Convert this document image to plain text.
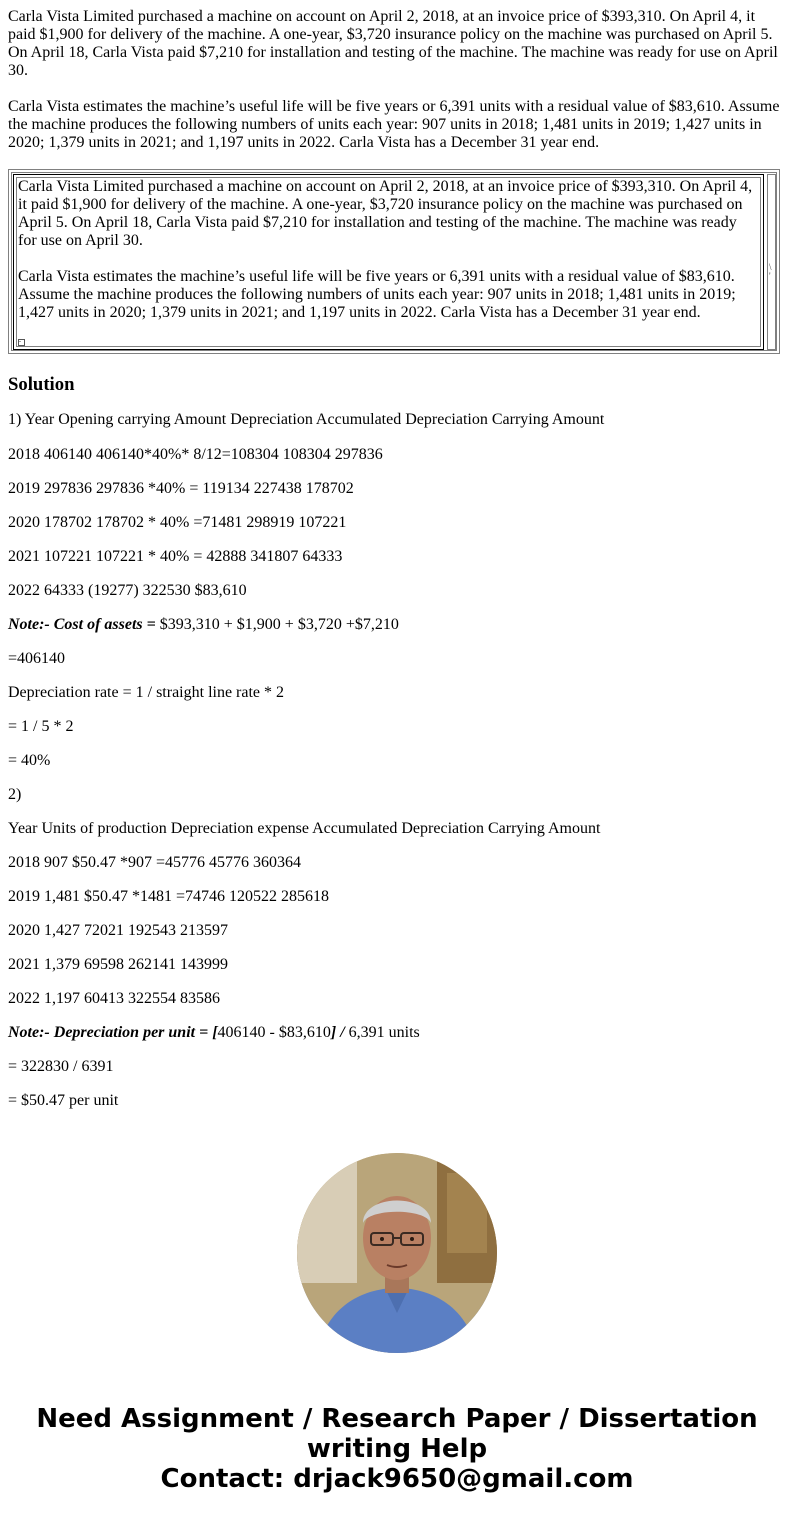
Carla Vista Limited purchased a machine on account on April 2, 2018, at an invoice price of $393,310. On April 4, it paid $1,900 for delivery of the machine. A one-year, $3,720 insurance policy on the machine was purchased on April 5. On April 18, Carla Vista paid $7,210 for installation and testing of the machine. The machine was ready for use on April 30.

Carla Vista estimates the machine’s useful life will be five years or 6,391 units with a residual value of $83,610. Assume the machine produces the following numbers of units each year: 907 units in 2018; 1,481 units in 2019; 1,427 units in 2020; 1,379 units in 2021; and 1,197 units in 2022. Carla Vista has a December 31 year end.

Carla Vista Limited purchased a machine on account on April 2, 2018, at an invoice price of $393,310. On April 4, it paid $1,900 for delivery of the machine. A one-year, $3,720 insurance policy on the machine was purchased on April 5. On April 18, Carla Vista paid $7,210 for installation and testing of the machine. The machine was ready for use on April 30.

Carla Vista estimates the machine’s useful life will be five years or 6,391 units with a residual value of $83,610. Assume the machine produces the following numbers of units each year: 907 units in 2018; 1,481 units in 2019; 1,427 units in 2020; 1,379 units in 2021; and 1,197 units in 2022. Carla Vista has a December 31 year end.

-
\ '
Solution

1) Year Opening carrying Amount Depreciation Accumulated Depreciation Carrying Amount

2018 406140 406140*40%* 8/12=108304 108304 297836

2019 297836 297836 *40% = 119134 227438 178702

2020 178702 178702 * 40% =71481 298919 107221

2021 107221 107221 * 40% = 42888 341807 64333

2022 64333 (19277) 322530 $83,610

Note:- Cost of assets = $393,310 + $1,900 + $3,720 +$7,210

=406140

Depreciation rate = 1 / straight line rate * 2

= 1 / 5 * 2

= 40%

2)

Year Units of production Depreciation expense Accumulated Depreciation Carrying Amount

2018 907 $50.47 *907 =45776 45776 360364

2019 1,481 $50.47 *1481 =74746 120522 285618

2020 1,427 72021 192543 213597

2021 1,379 69598 262141 143999

2022 1,197 60413 322554 83586

Note:- Depreciation per unit = [406140 - $83,610] / 6,391 units

= 322830 / 6391

= $50.47 per unit

Need Assignment / Research Paper / Dissertation
writing Help
Contact: drjack9650@gmail.com
